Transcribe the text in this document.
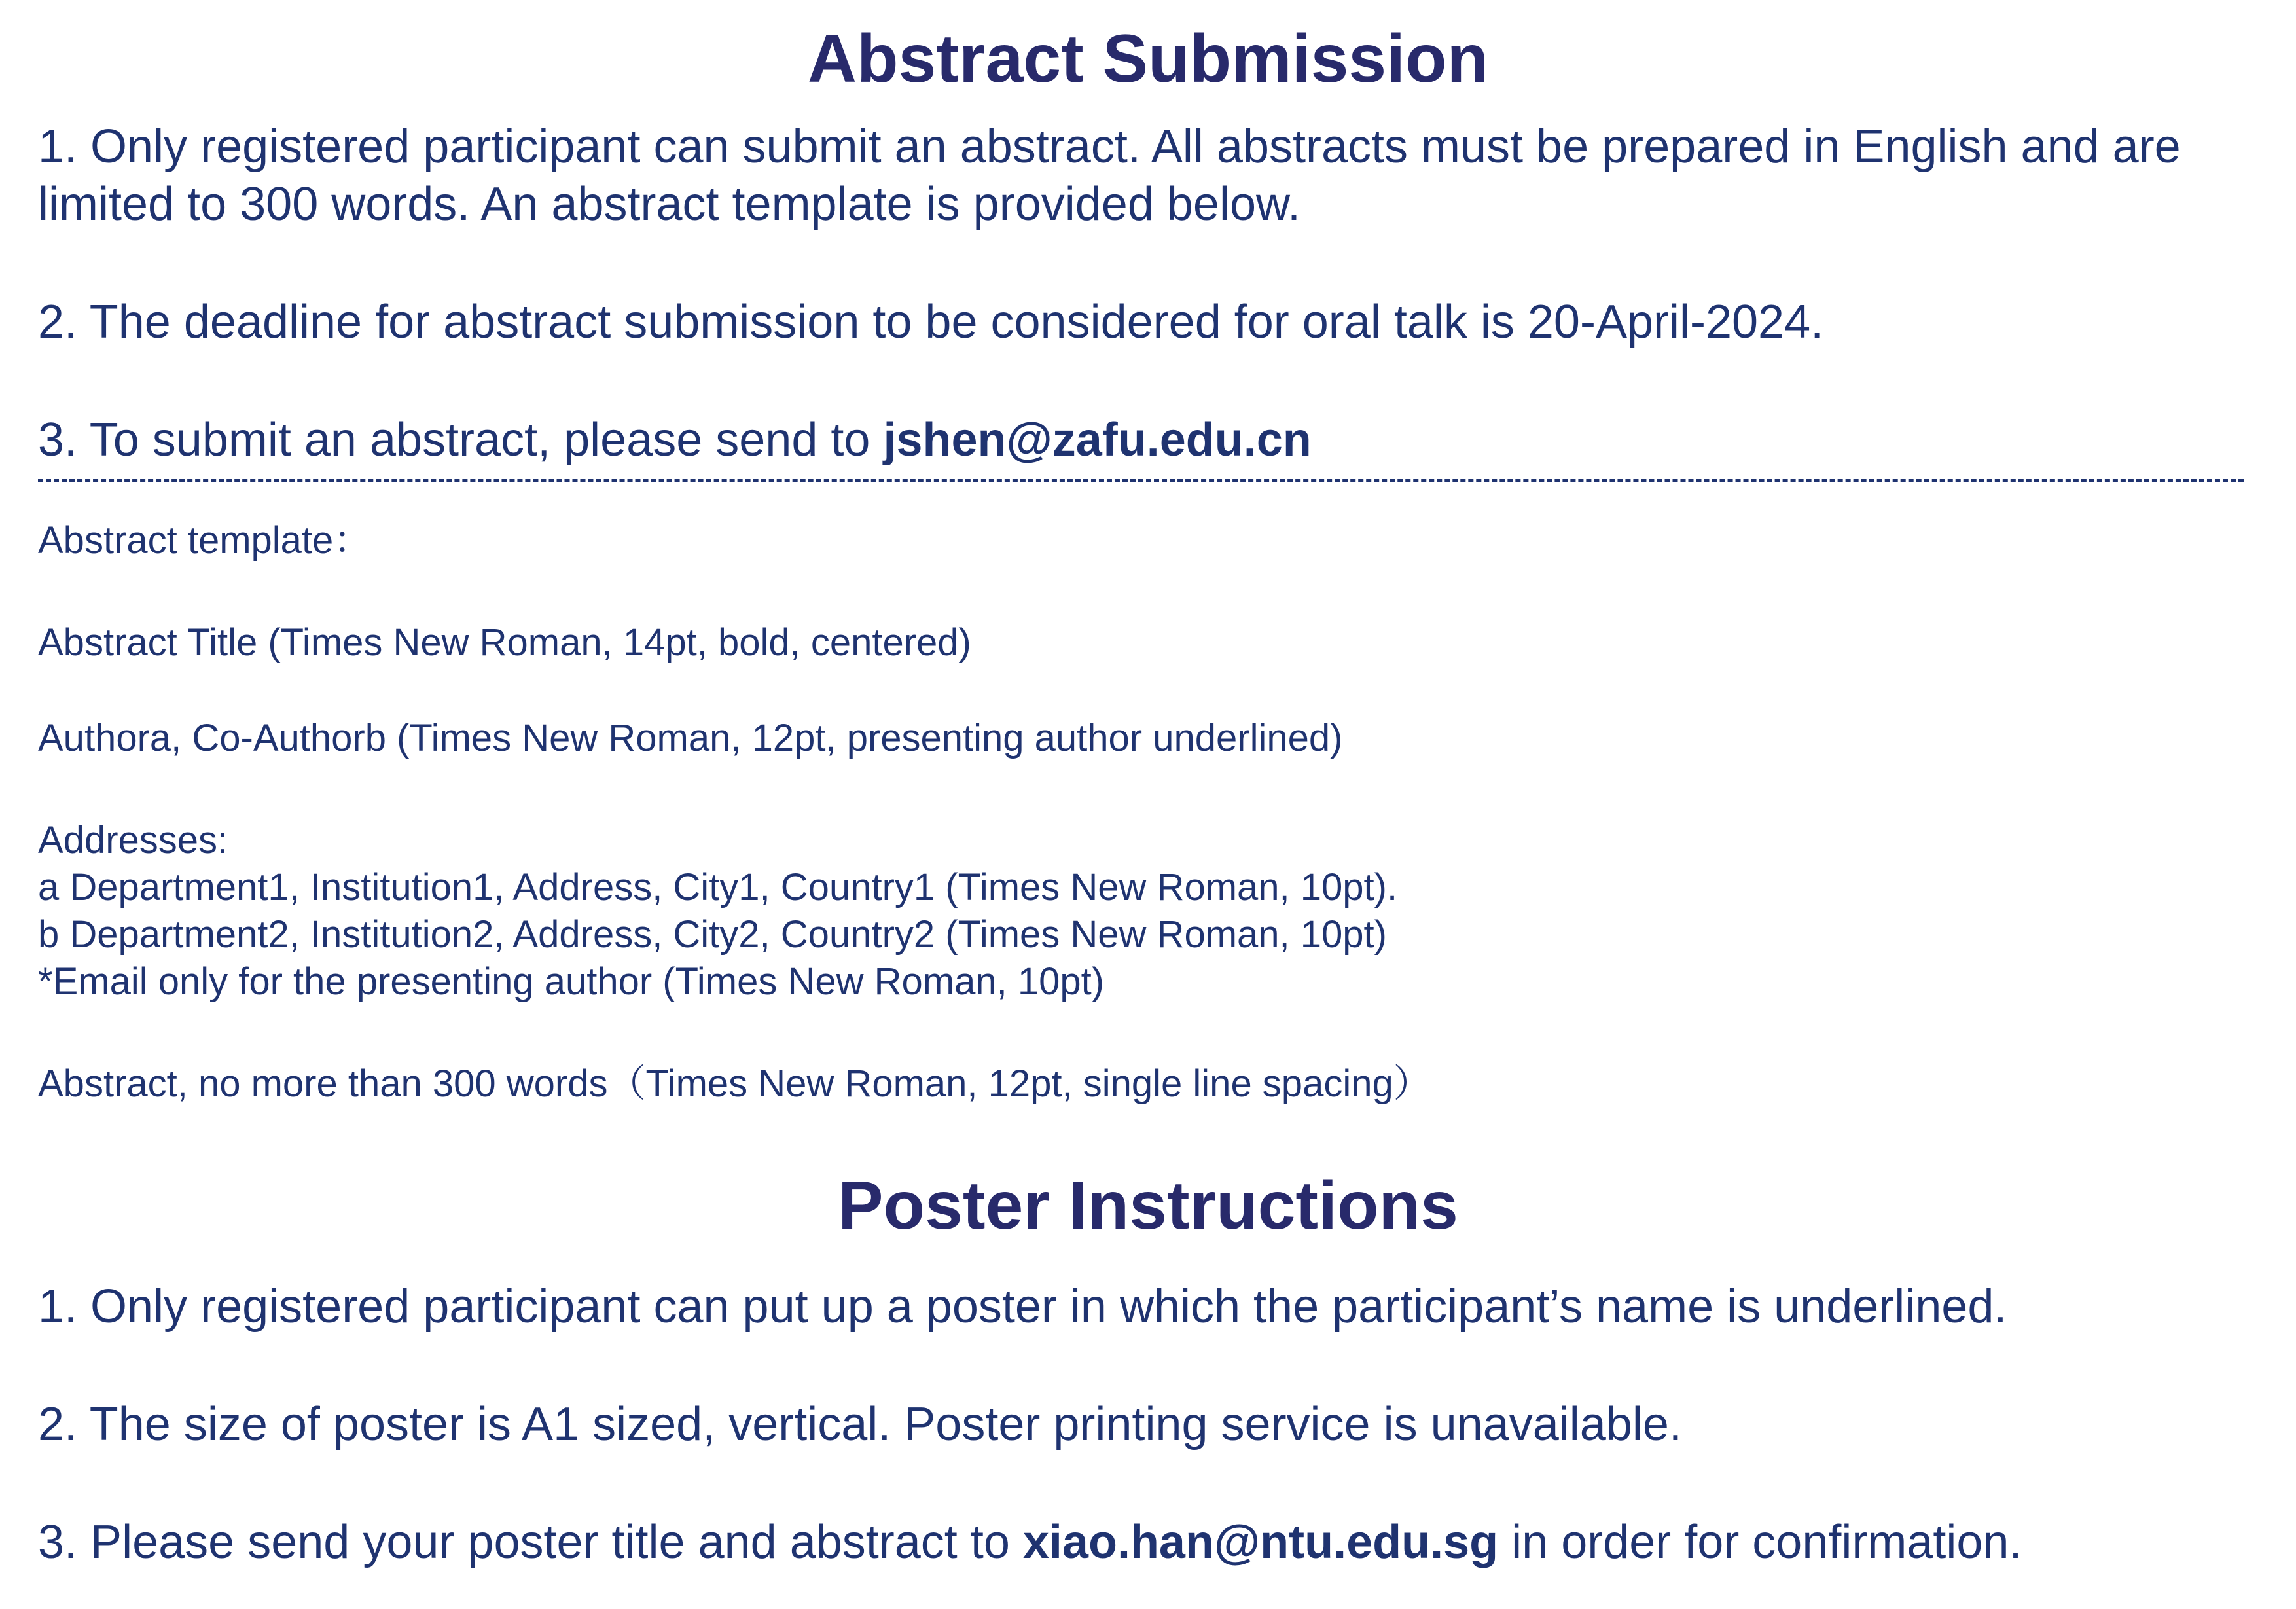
Abstract Submission

1. Only registered participant can submit an abstract. All abstracts must be prepared in English and are

limited to 300 words. An abstract template is provided below.

2. The deadline for abstract submission to be considered for oral talk is 20-April-2024.

3. To submit an abstract, please send to jshen@zafu.edu.cn

Abstract template：

Abstract Title (Times New Roman, 14pt, bold, centered)

Authora, Co-Authorb (Times New Roman, 12pt, presenting author underlined)

Addresses:

a Department1, Institution1, Address, City1, Country1 (Times New Roman, 10pt).

b Department2, Institution2, Address, City2, Country2 (Times New Roman, 10pt)

*Email only for the presenting author (Times New Roman, 10pt)

Abstract, no more than 300 words（Times New Roman, 12pt, single line spacing）

Poster Instructions

1. Only registered participant can put up a poster in which the participant’s name is underlined.

2. The size of poster is A1 sized, vertical. Poster printing service is unavailable.

3. Please send your poster title and abstract to xiao.han@ntu.edu.sg in order for confirmation.
